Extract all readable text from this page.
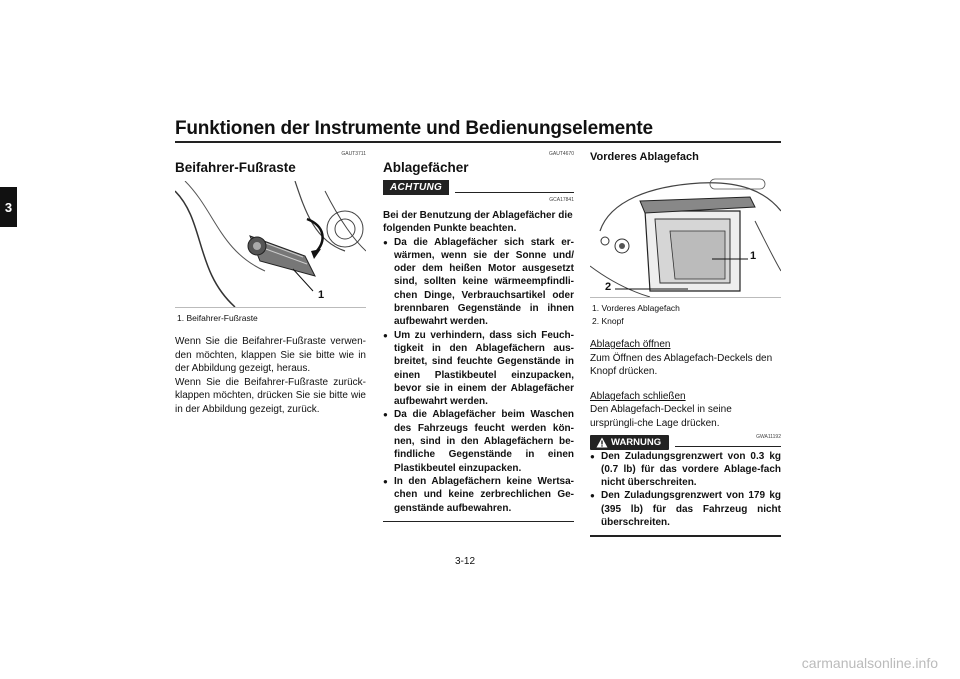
Funktionen der Instrumente und Bedienungselemente
3
GAUT3711
Beifahrer-Fußraste
1
1. Beifahrer-Fußraste
Wenn Sie die Beifahrer-Fußraste verwen-den möchten, klappen Sie sie bitte wie in der Abbildung gezeigt, heraus.
Wenn Sie die Beifahrer-Fußraste zurück-klappen möchten, drücken Sie sie bitte wie in der Abbildung gezeigt, zurück.
GAUT4670
Ablagefächer
ACHTUNG
GCA17841
Bei der Benutzung der Ablagefächer die folgenden Punkte beachten.
● Da die Ablagefächer sich stark er-wärmen, wenn sie der Sonne und/ oder dem heißen Motor ausgesetzt sind, sollten keine wärmeempfindli-chen Dinge, Verbrauchsartikel oder brennbaren Gegenstände in ihnen aufbewahrt werden.
● Um zu verhindern, dass sich Feuch-tigkeit in den Ablagefächern aus-breitet, sind feuchte Gegenstände in einen Plastikbeutel einzupacken, bevor sie in einem der Ablagefächer aufbewahrt werden.
● Da die Ablagefächer beim Waschen des Fahrzeugs feucht werden kön-nen, sind in den Ablagefächern be-findliche Gegenstände in einen Plastikbeutel einzupacken.
● In den Ablagefächern keine Wertsa-chen und keine zerbrechlichen Ge-genstände aufbewahren.
Vorderes Ablagefach
1
2
1. Vorderes Ablagefach
2. Knopf
Ablagefach öffnen
Zum Öffnen des Ablagefach-Deckels den Knopf drücken.
Ablagefach schließen
Den Ablagefach-Deckel in seine ursprüngli-che Lage drücken.
WARNUNG	GWA11192
● Den Zuladungsgrenzwert von 0.3 kg (0.7 lb) für das vordere Ablage-fach nicht überschreiten.
● Den Zuladungsgrenzwert von 179 kg (395 lb) für das Fahrzeug nicht überschreiten.
3-12
carmanualsonline.info
